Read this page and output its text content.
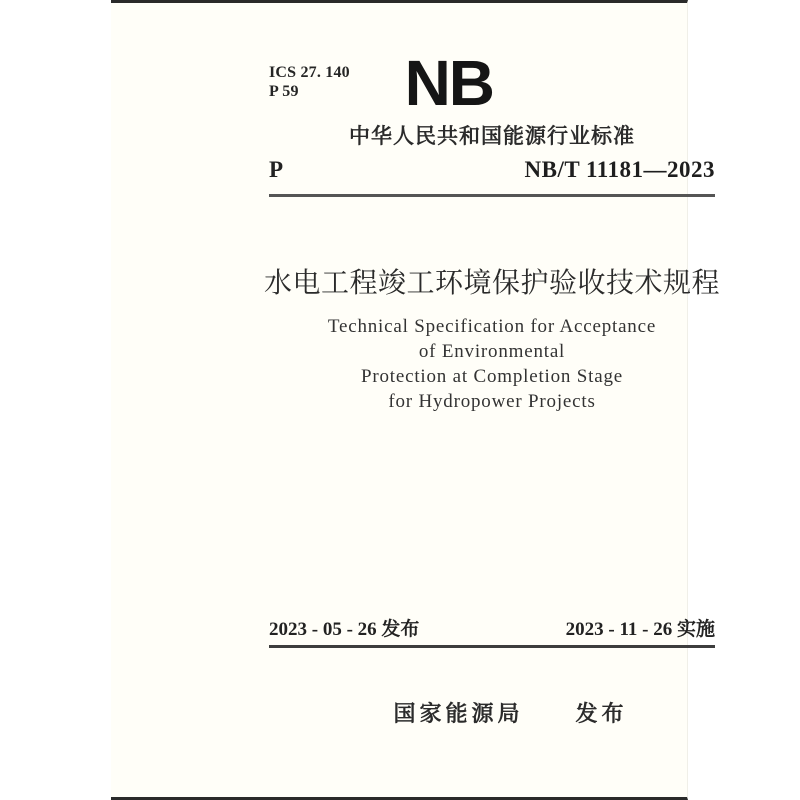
ICS 27. 140
P 59	NB
中华人民共和国能源行业标准
P	NB/T 11181—2023
水电工程竣工环境保护验收技术规程
Technical Specification for Acceptance
of Environmental
Protection at Completion Stage
for Hydropower Projects
2023 - 05 - 26 发布	2023 - 11 - 26 实施
国家能源局　　发布
